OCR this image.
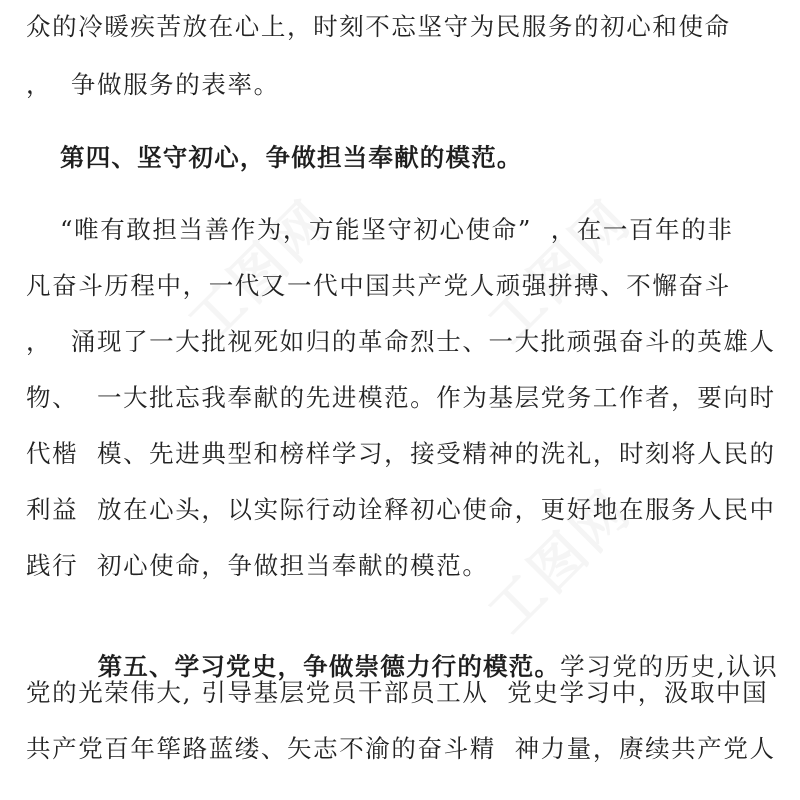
工图网 工图网
工图网
众的冷暖疾苦放在心上，时刻不忘坚守为民服务的初心和使命
，  争做服务的表率。
第四、坚守初心，争做担当奉献的模范。
“唯有敢担当善作为，方能坚守初心使命”  ，在一百年的非
凡奋斗历程中，一代又一代中国共产党人顽强拼搏、不懈奋斗
，  涌现了一大批视死如归的革命烈士、一大批顽强奋斗的英雄人
物、  一大批忘我奉献的先进模范。作为基层党务工作者，要向时
代楷  模、先进典型和榜样学习，接受精神的洗礼，时刻将人民的
利益  放在心头，以实际行动诠释初心使命，更好地在服务人民中
践行  初心使命，争做担当奉献的模范。

第五、学习党史，争做崇德力行的模范。学习党的历史,认识

党的光荣伟大, 引导基层党员干部员工从  党史学习中，汲取中国
共产党百年筚路蓝缕、矢志不渝的奋斗精  神力量，赓续共产党人
